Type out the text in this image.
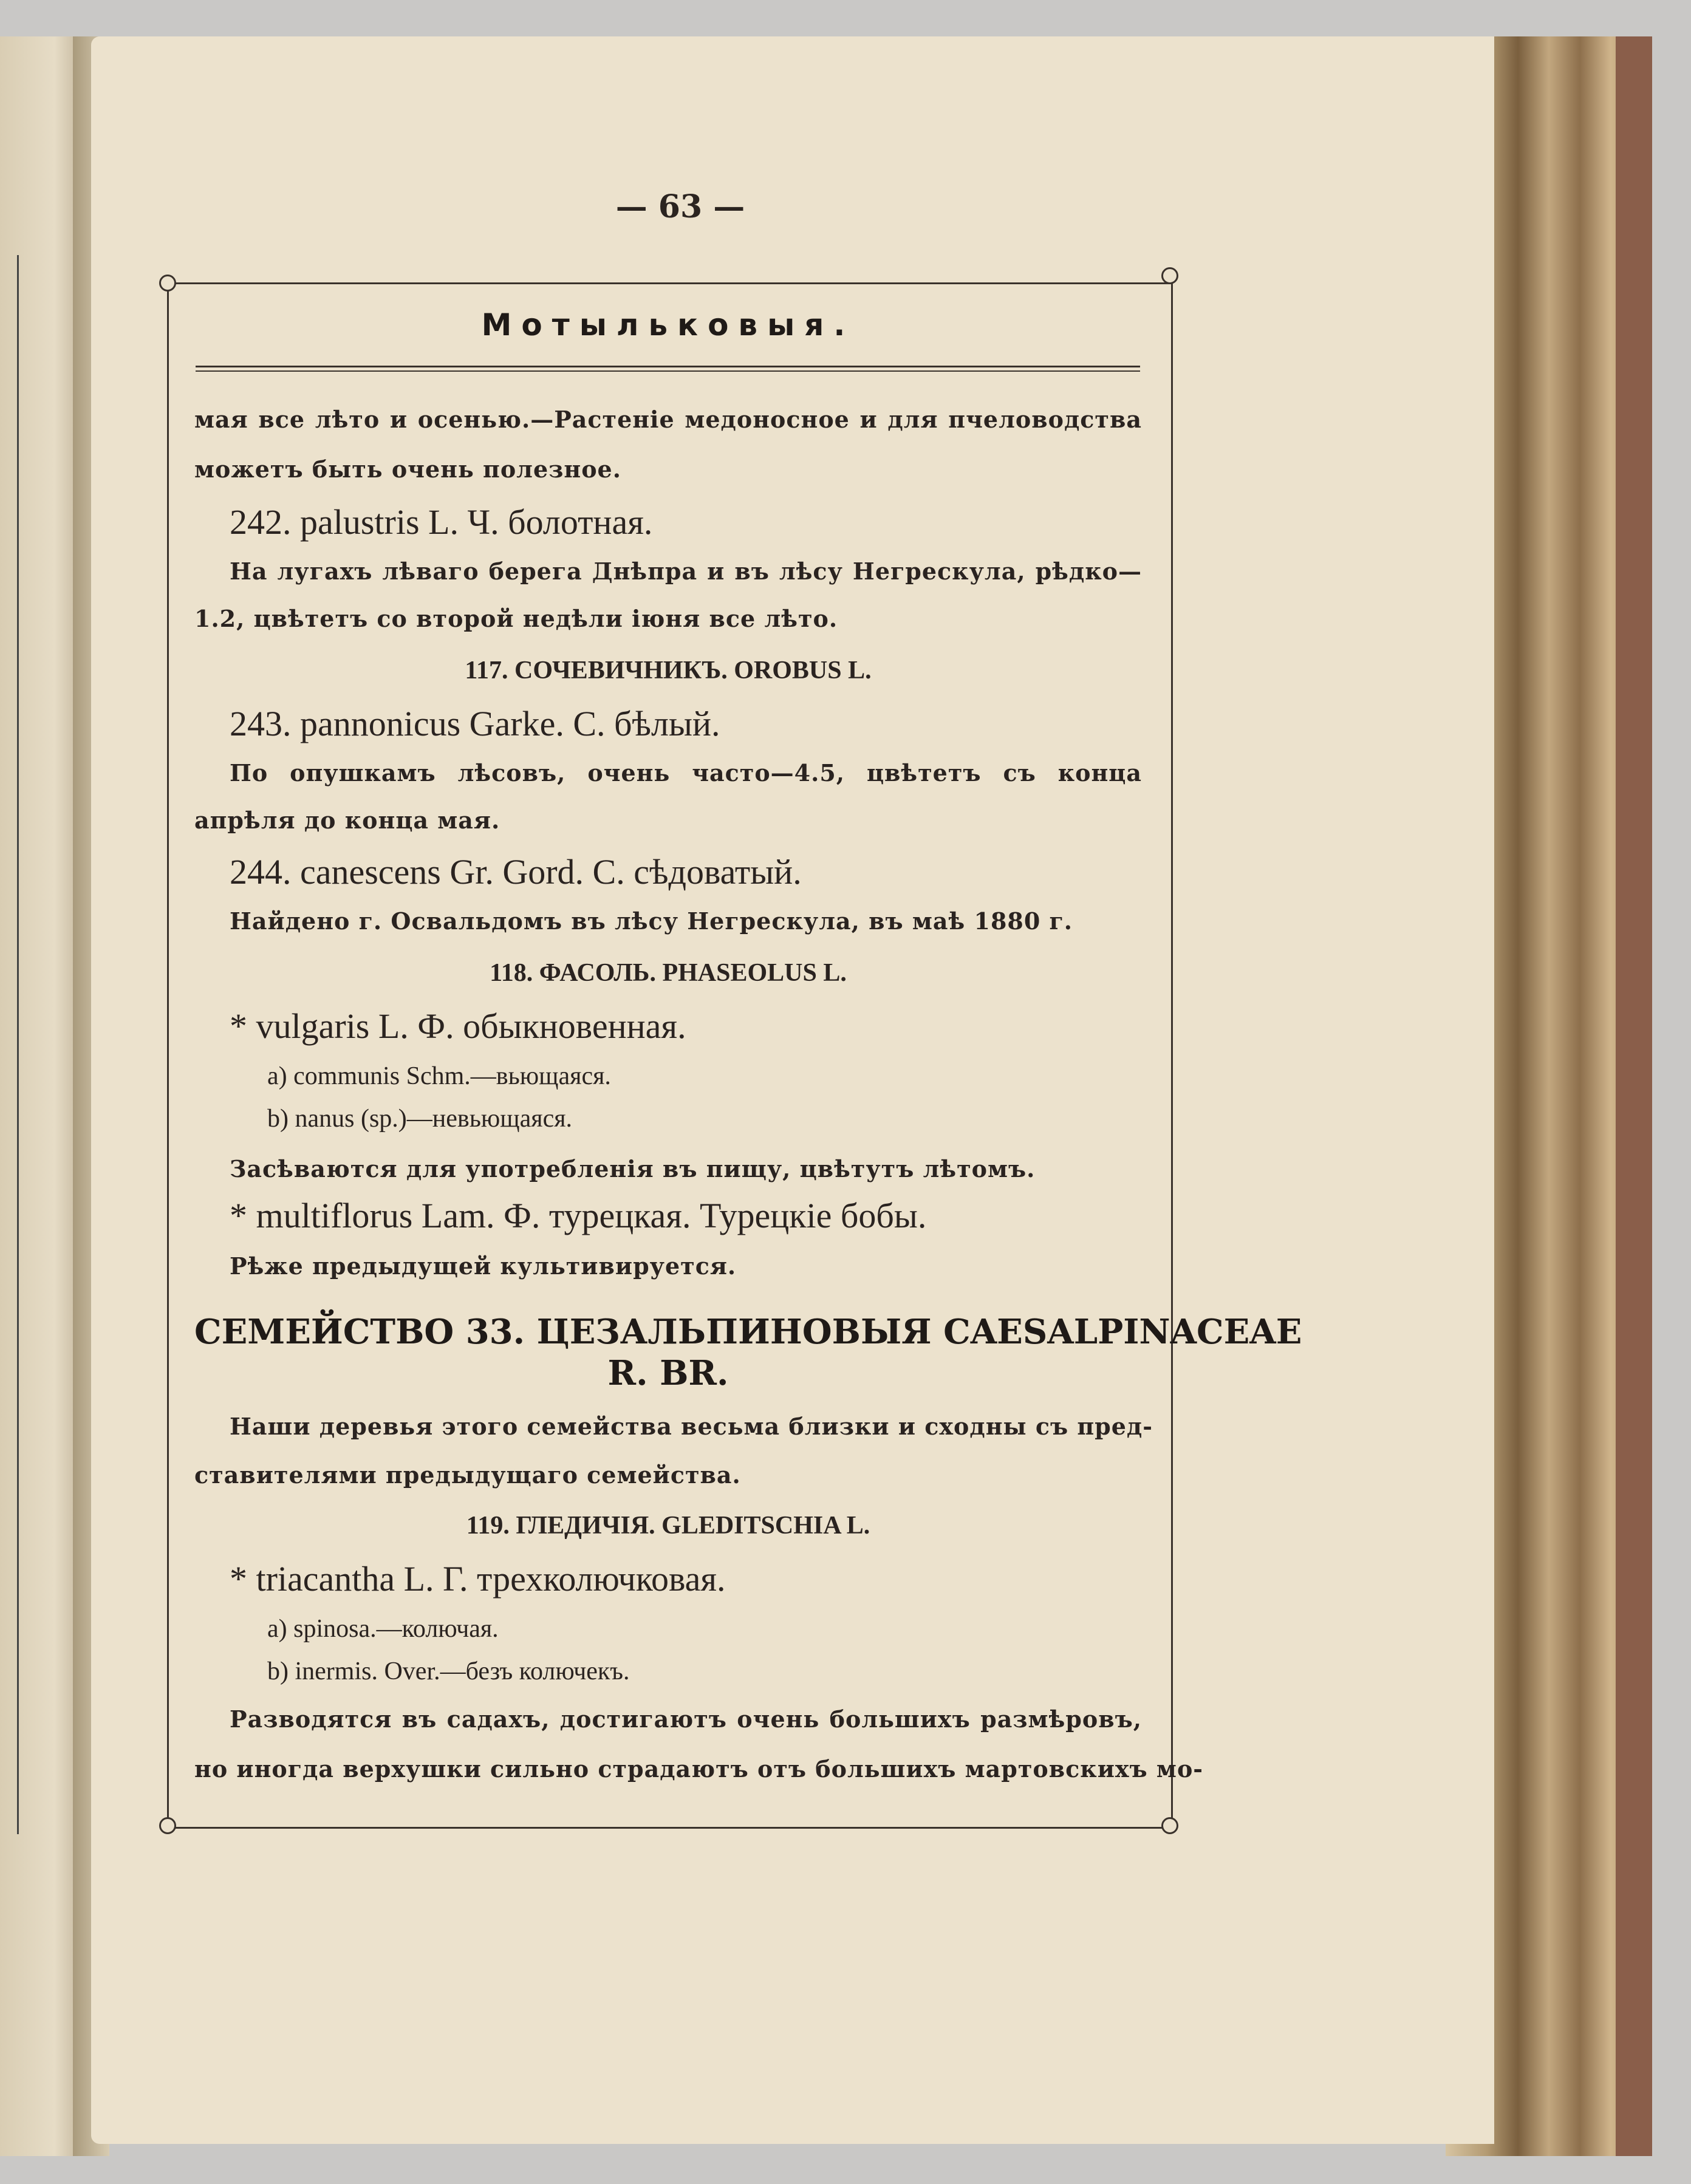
— 63 —
Мотыльковыя.
мая все лѣто и осенью.—Растеніе медоносное и для пчеловодства
можетъ быть очень полезное.
242. palustris L. Ч. болотная.
На лугахъ лѣваго берега Днѣпра и въ лѣсу Негрескула, рѣдко—
1.2, цвѣтетъ со второй недѣли іюня все лѣто.
117. СОЧЕВИЧНИКЪ. OROBUS L.
243. pannonicus Garke. С. бѣлый.
По опушкамъ лѣсовъ, очень часто—4.5, цвѣтетъ съ конца
апрѣля до конца мая.
244. canescens Gr. Gord. С. сѣдоватый.
Найдено г. Освальдомъ въ лѣсу Негрескула, въ маѣ 1880 г.
118. ФАСОЛЬ. PHASEOLUS L.
* vulgaris L. Ф. обыкновенная.
a) communis Schm.—вьющаяся.
b) nanus (sp.)—невьющаяся.
Засѣваются для употребленія въ пищу, цвѣтутъ лѣтомъ.
* multiflorus Lam. Ф. турецкая. Турецкіе бобы.
Рѣже предыдущей культивируется.
СЕМЕЙСТВО 33. ЦЕЗАЛЬПИНОВЫЯ CAESALPINACEAE
R. BR.
Наши деревья этого семейства весьма близки и сходны съ пред-
ставителями предыдущаго семейства.
119. ГЛЕДИЧІЯ. GLEDITSCHIA L.
* triacantha L. Г. трехколючковая.
a) spinosa.—колючая.
b) inermis. Over.—безъ колючекъ.
Разводятся въ садахъ, достигаютъ очень большихъ размѣровъ,
но иногда верхушки сильно страдаютъ отъ большихъ мартовскихъ мо-
